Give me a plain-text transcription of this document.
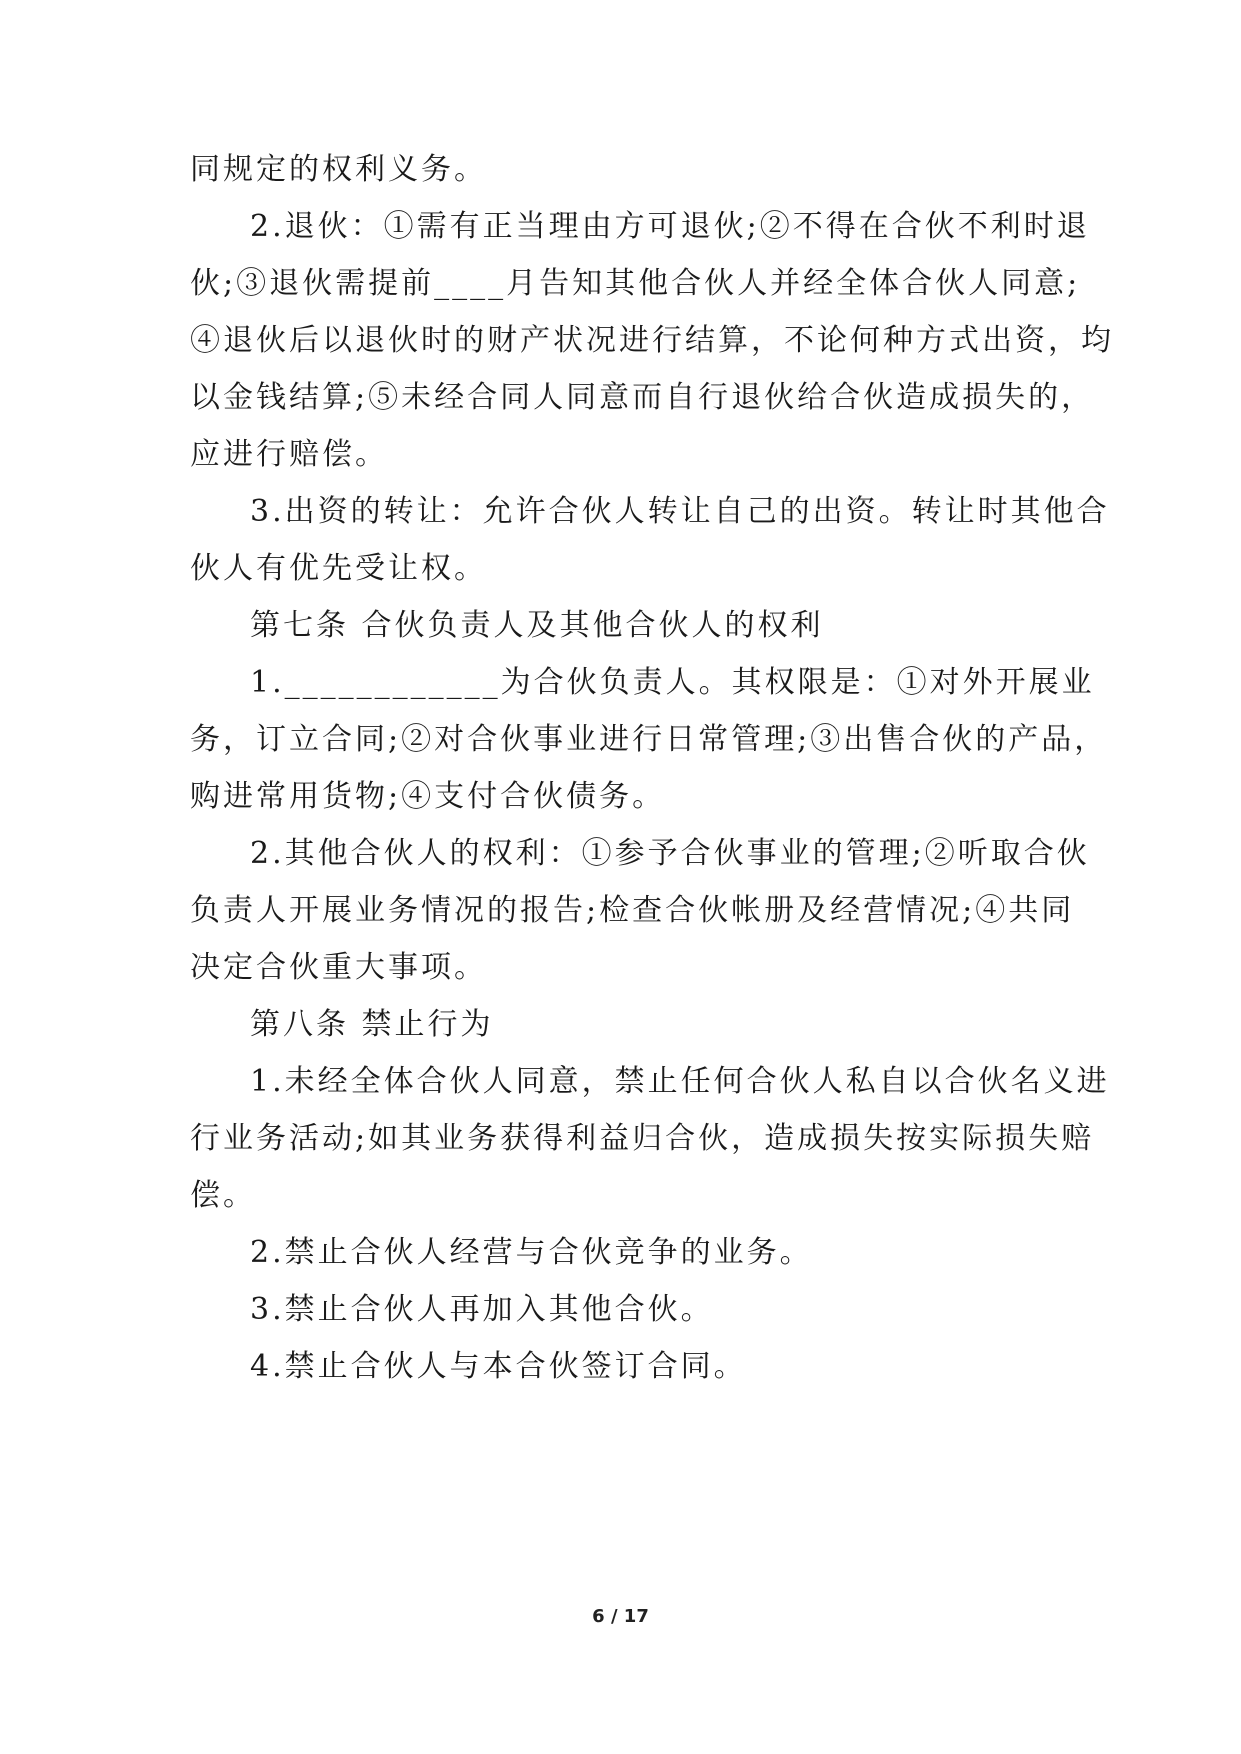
同规定的权利义务。
2.退伙：①需有正当理由方可退伙;②不得在合伙不利时退
伙;③退伙需提前____月告知其他合伙人并经全体合伙人同意;
④退伙后以退伙时的财产状况进行结算，不论何种方式出资，均
以金钱结算;⑤未经合同人同意而自行退伙给合伙造成损失的，
应进行赔偿。
3.出资的转让：允许合伙人转让自己的出资。转让时其他合
伙人有优先受让权。
第七条 合伙负责人及其他合伙人的权利
1.____________为合伙负责人。其权限是：①对外开展业
务，订立合同;②对合伙事业进行日常管理;③出售合伙的产品，
购进常用货物;④支付合伙债务。
2.其他合伙人的权利：①参予合伙事业的管理;②听取合伙
负责人开展业务情况的报告;检查合伙帐册及经营情况;④共同
决定合伙重大事项。
第八条 禁止行为
1.未经全体合伙人同意，禁止任何合伙人私自以合伙名义进
行业务活动;如其业务获得利益归合伙，造成损失按实际损失赔
偿。
2.禁止合伙人经营与合伙竞争的业务。
3.禁止合伙人再加入其他合伙。
4.禁止合伙人与本合伙签订合同。
6 / 17
